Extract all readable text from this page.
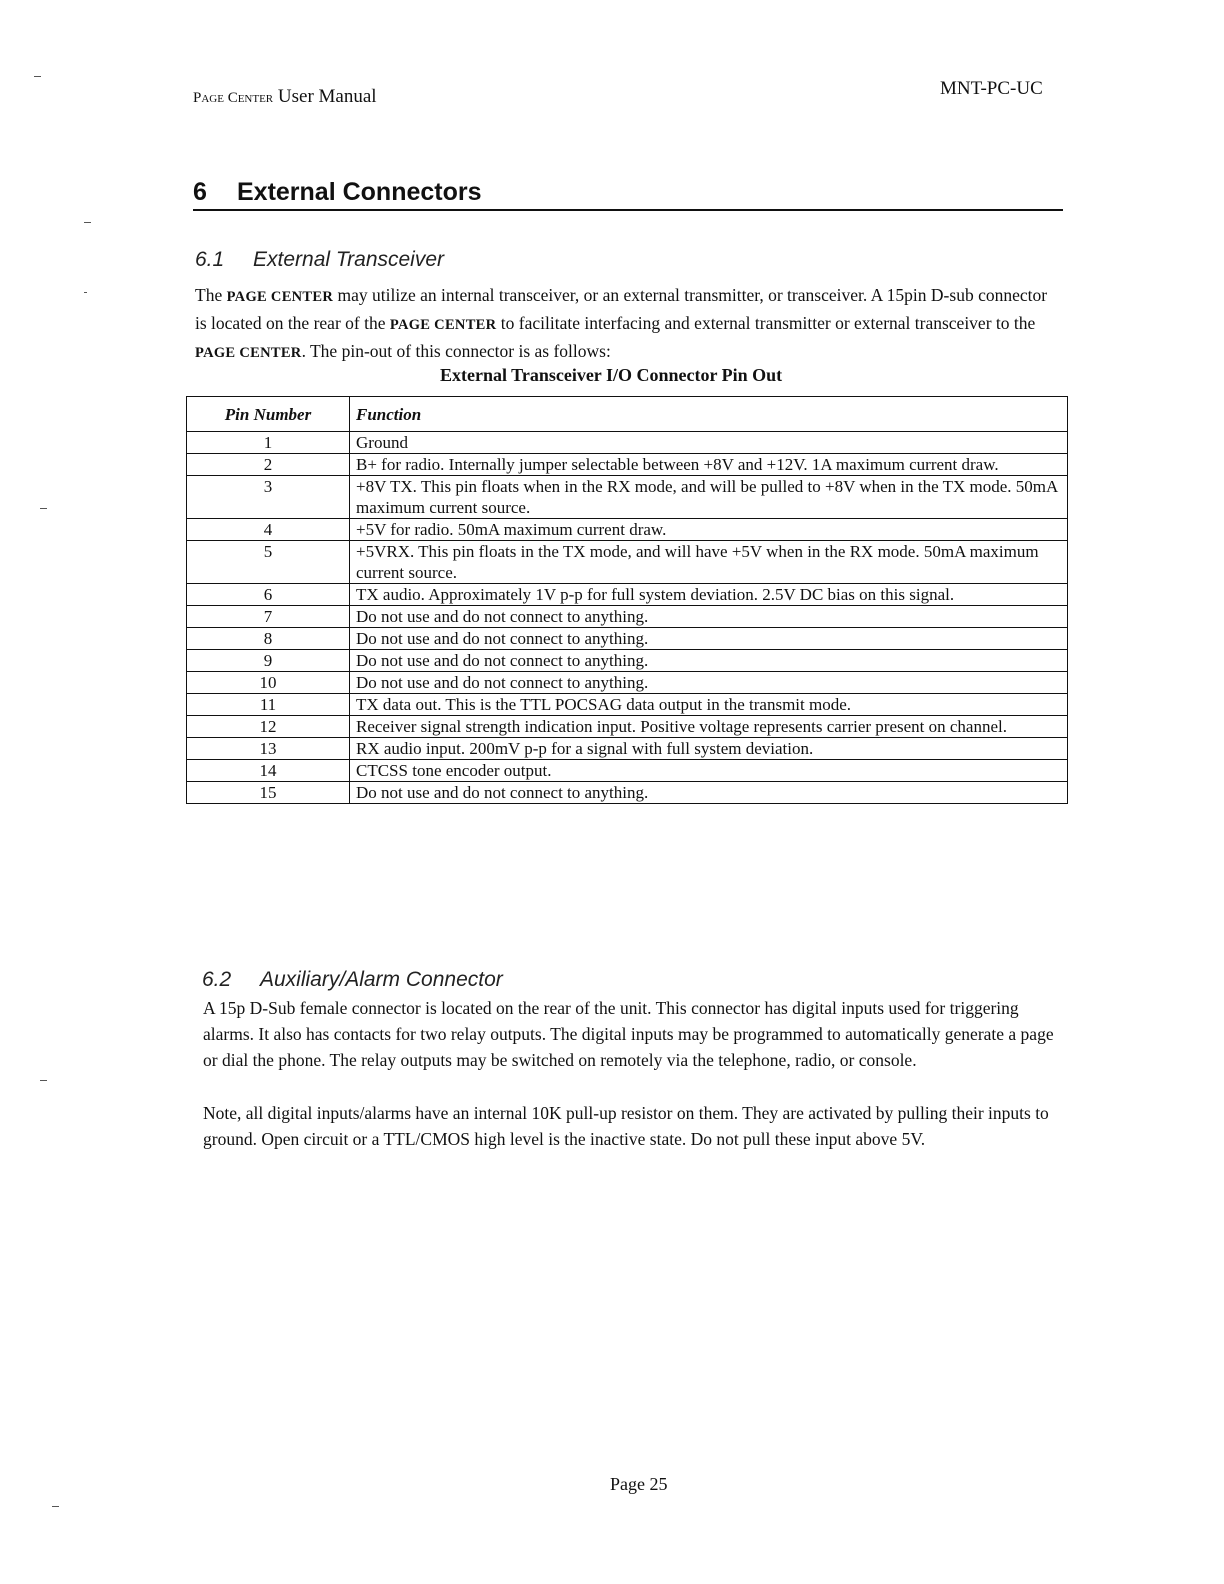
Page Center User Manual	MNT-PC-UC
6 External Connectors
6.1 External Transceiver

The PAGE CENTER may utilize an internal transceiver, or an external transmitter, or transceiver. A 15pin D-sub connector is located on the rear of the PAGE CENTER to facilitate interfacing and external transmitter or external transceiver to the PAGE CENTER. The pin-out of this connector is as follows:

External Transceiver I/O Connector Pin Out
Pin Number	Function
1	Ground
2	B+ for radio. Internally jumper selectable between +8V and +12V. 1A maximum current draw.
3	+8V TX. This pin floats when in the RX mode, and will be pulled to +8V when in the TX mode. 50mA maximum current source.
4	+5V for radio. 50mA maximum current draw.
5	+5VRX. This pin floats in the TX mode, and will have +5V when in the RX mode. 50mA maximum current source.
6	TX audio. Approximately 1V p-p for full system deviation. 2.5V DC bias on this signal.
7	Do not use and do not connect to anything.
8	Do not use and do not connect to anything.
9	Do not use and do not connect to anything.
10	Do not use and do not connect to anything.
11	TX data out. This is the TTL POCSAG data output in the transmit mode.
12	Receiver signal strength indication input. Positive voltage represents carrier present on channel.
13	RX audio input. 200mV p-p for a signal with full system deviation.
14	CTCSS tone encoder output.
15	Do not use and do not connect to anything.
6.2 Auxiliary/Alarm Connector

A 15p D-Sub female connector is located on the rear of the unit. This connector has digital inputs used for triggering alarms. It also has contacts for two relay outputs. The digital inputs may be programmed to automatically generate a page or dial the phone. The relay outputs may be switched on remotely via the telephone, radio, or console.

Note, all digital inputs/alarms have an internal 10K pull-up resistor on them. They are activated by pulling their inputs to ground. Open circuit or a TTL/CMOS high level is the inactive state. Do not pull these input above 5V.

Page 25
